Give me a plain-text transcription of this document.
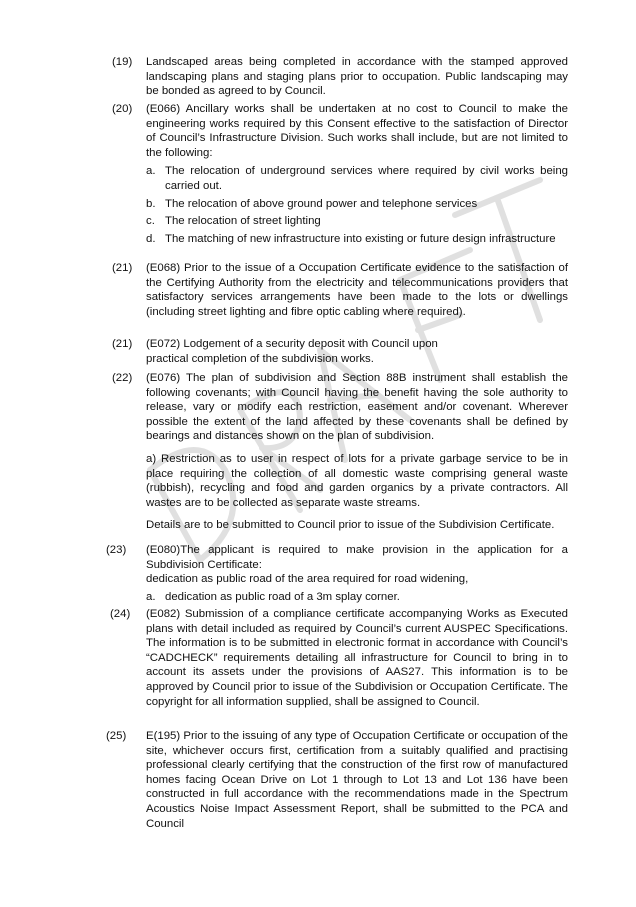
(19) Landscaped areas being completed in accordance with the stamped approved landscaping plans and staging plans prior to occupation. Public landscaping may be bonded as agreed to by Council.

(20) (E066) Ancillary works shall be undertaken at no cost to Council to make the engineering works required by this Consent effective to the satisfaction of Director of Council’s Infrastructure Division. Such works shall include, but are not limited to the following:

a. The relocation of underground services where required by civil works being carried out.
b. The relocation of above ground power and telephone services
c. The relocation of street lighting
d. The matching of new infrastructure into existing or future design infrastructure
(21) (E068) Prior to the issue of a Occupation Certificate evidence to the satisfaction of the Certifying Authority from the electricity and telecommunications providers that satisfactory services arrangements have been made to the lots or dwellings (including street lighting and fibre optic cabling where required).

(21) (E072) Lodgement of a security deposit with Council upon practical completion of the subdivision works.

(22) (E076) The plan of subdivision and Section 88B instrument shall establish the following covenants; with Council having the benefit having the sole authority to release, vary or modify each restriction, easement and/or covenant. Wherever possible the extent of the land affected by these covenants shall be defined by bearings and distances shown on the plan of subdivision.

a) Restriction as to user in respect of lots for a private garbage service to be in place requiring the collection of all domestic waste comprising general waste (rubbish), recycling and food and garden organics by a private contractors. All wastes are to be collected as separate waste streams.

Details are to be submitted to Council prior to issue of the Subdivision Certificate.

(23) (E080)The applicant is required to make provision in the application for a Subdivision Certificate:

dedication as public road of the area required for road widening,

a. dedication as public road of a 3m splay corner.
(24) (E082) Submission of a compliance certificate accompanying Works as Executed plans with detail included as required by Council’s current AUSPEC Specifications. The information is to be submitted in electronic format in accordance with Council’s “CADCHECK” requirements detailing all infrastructure for Council to bring in to account its assets under the provisions of AAS27. This information is to be approved by Council prior to issue of the Subdivision or Occupation Certificate. The copyright for all information supplied, shall be assigned to Council.

(25) E(195) Prior to the issuing of any type of Occupation Certificate or occupation of the site, whichever occurs first, certification from a suitably qualified and practising professional clearly certifying that the construction of the first row of manufactured homes facing Ocean Drive on Lot 1 through to Lot 13 and Lot 136 have been constructed in full accordance with the recommendations made in the Spectrum Acoustics Noise Impact Assessment Report, shall be submitted to the PCA and Council
